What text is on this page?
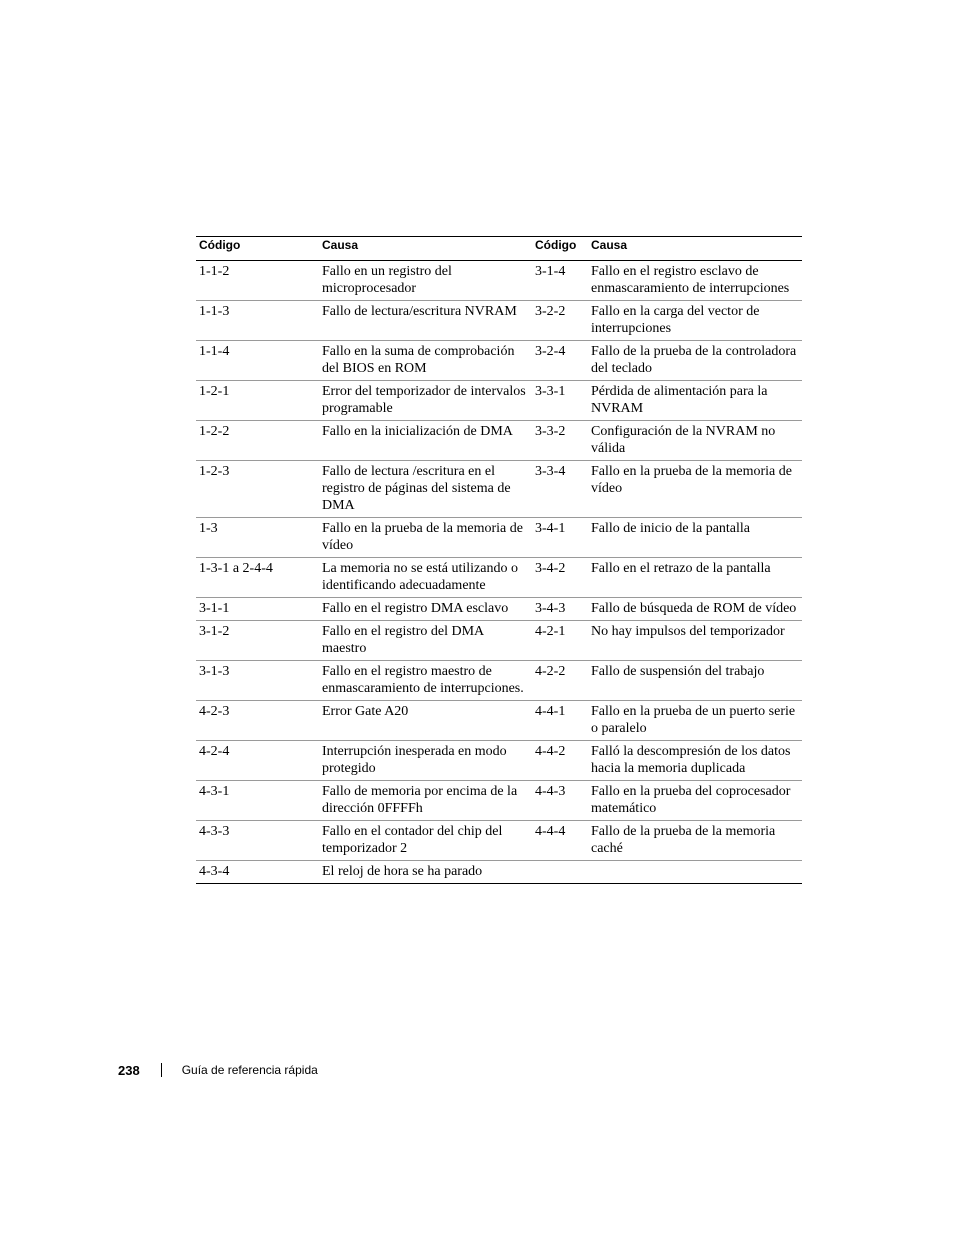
Código	Causa	Código	Causa
1-1-2	Fallo en un registro del microprocesador	3-1-4	Fallo en el registro esclavo de enmascaramiento de interrupciones
1-1-3	Fallo de lectura/escritura NVRAM	3-2-2	Fallo en la carga del vector de interrupciones
1-1-4	Fallo en la suma de comprobación del BIOS en ROM	3-2-4	Fallo de la prueba de la controladora del teclado
1-2-1	Error del temporizador de intervalos programable	3-3-1	Pérdida de alimentación para la NVRAM
1-2-2	Fallo en la inicialización de DMA	3-3-2	Configuración de la NVRAM no válida
1-2-3	Fallo de lectura /escritura en el registro de páginas del sistema de DMA	3-3-4	Fallo en la prueba de la memoria de vídeo
1-3	Fallo en la prueba de la memoria de vídeo	3-4-1	Fallo de inicio de la pantalla
1-3-1 a 2-4-4	La memoria no se está utilizando o identificando adecuadamente	3-4-2	Fallo en el retrazo de la pantalla
3-1-1	Fallo en el registro DMA esclavo	3-4-3	Fallo de búsqueda de ROM de vídeo
3-1-2	Fallo en el registro del DMA maestro	4-2-1	No hay impulsos del temporizador
3-1-3	Fallo en el registro maestro de enmascaramiento de interrupciones.	4-2-2	Fallo de suspensión del trabajo
4-2-3	Error Gate A20	4-4-1	Fallo en la prueba de un puerto serie o paralelo
4-2-4	Interrupción inesperada en modo protegido	4-4-2	Falló la descompresión de los datos hacia la memoria duplicada
4-3-1	Fallo de memoria por encima de la dirección 0FFFFh	4-4-3	Fallo en la prueba del coprocesador matemático
4-3-3	Fallo en el contador del chip del temporizador 2	4-4-4	Fallo de la prueba de la memoria caché
4-3-4	El reloj de hora se ha parado		
238	Guía de referencia rápida
